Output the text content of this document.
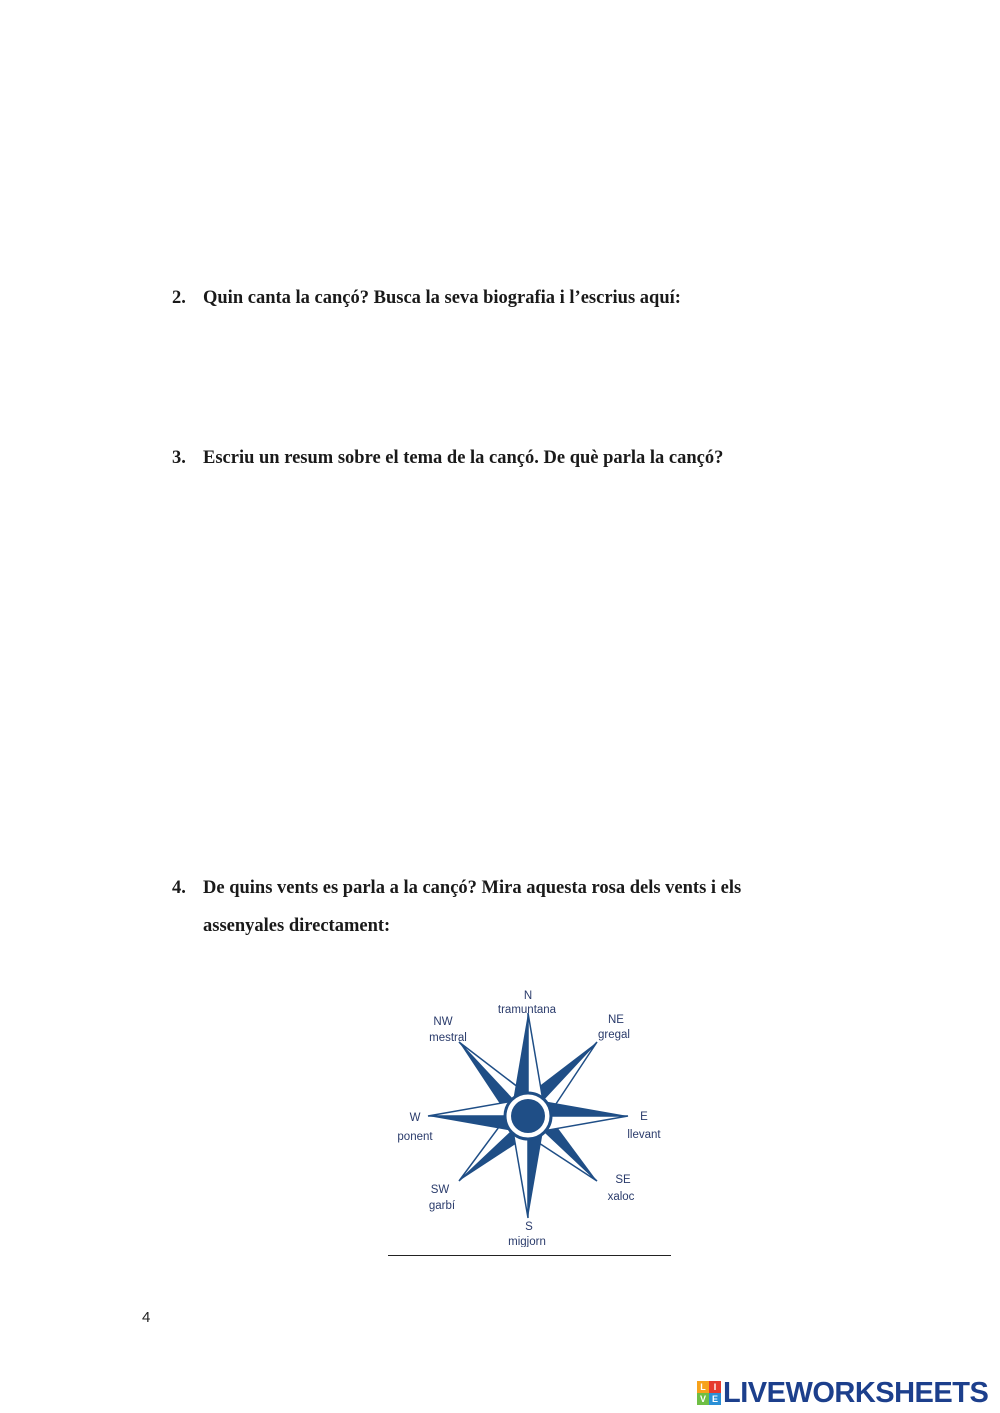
2. Quin canta la cançó? Busca la seva biografia i l’escrius aquí:
3. Escriu un resum sobre el tema de la cançó. De què parla la cançó?
4. De quins vents es parla a la cançó? Mira aquesta rosa dels vents i els
assenyales directament:
N
tramuntana
NE
gregal
NW
mestral
E
llevant
W
ponent
SE
xaloc
SW
garbí
S
migjorn
4
L I
V E LIVEWORKSHEETS
